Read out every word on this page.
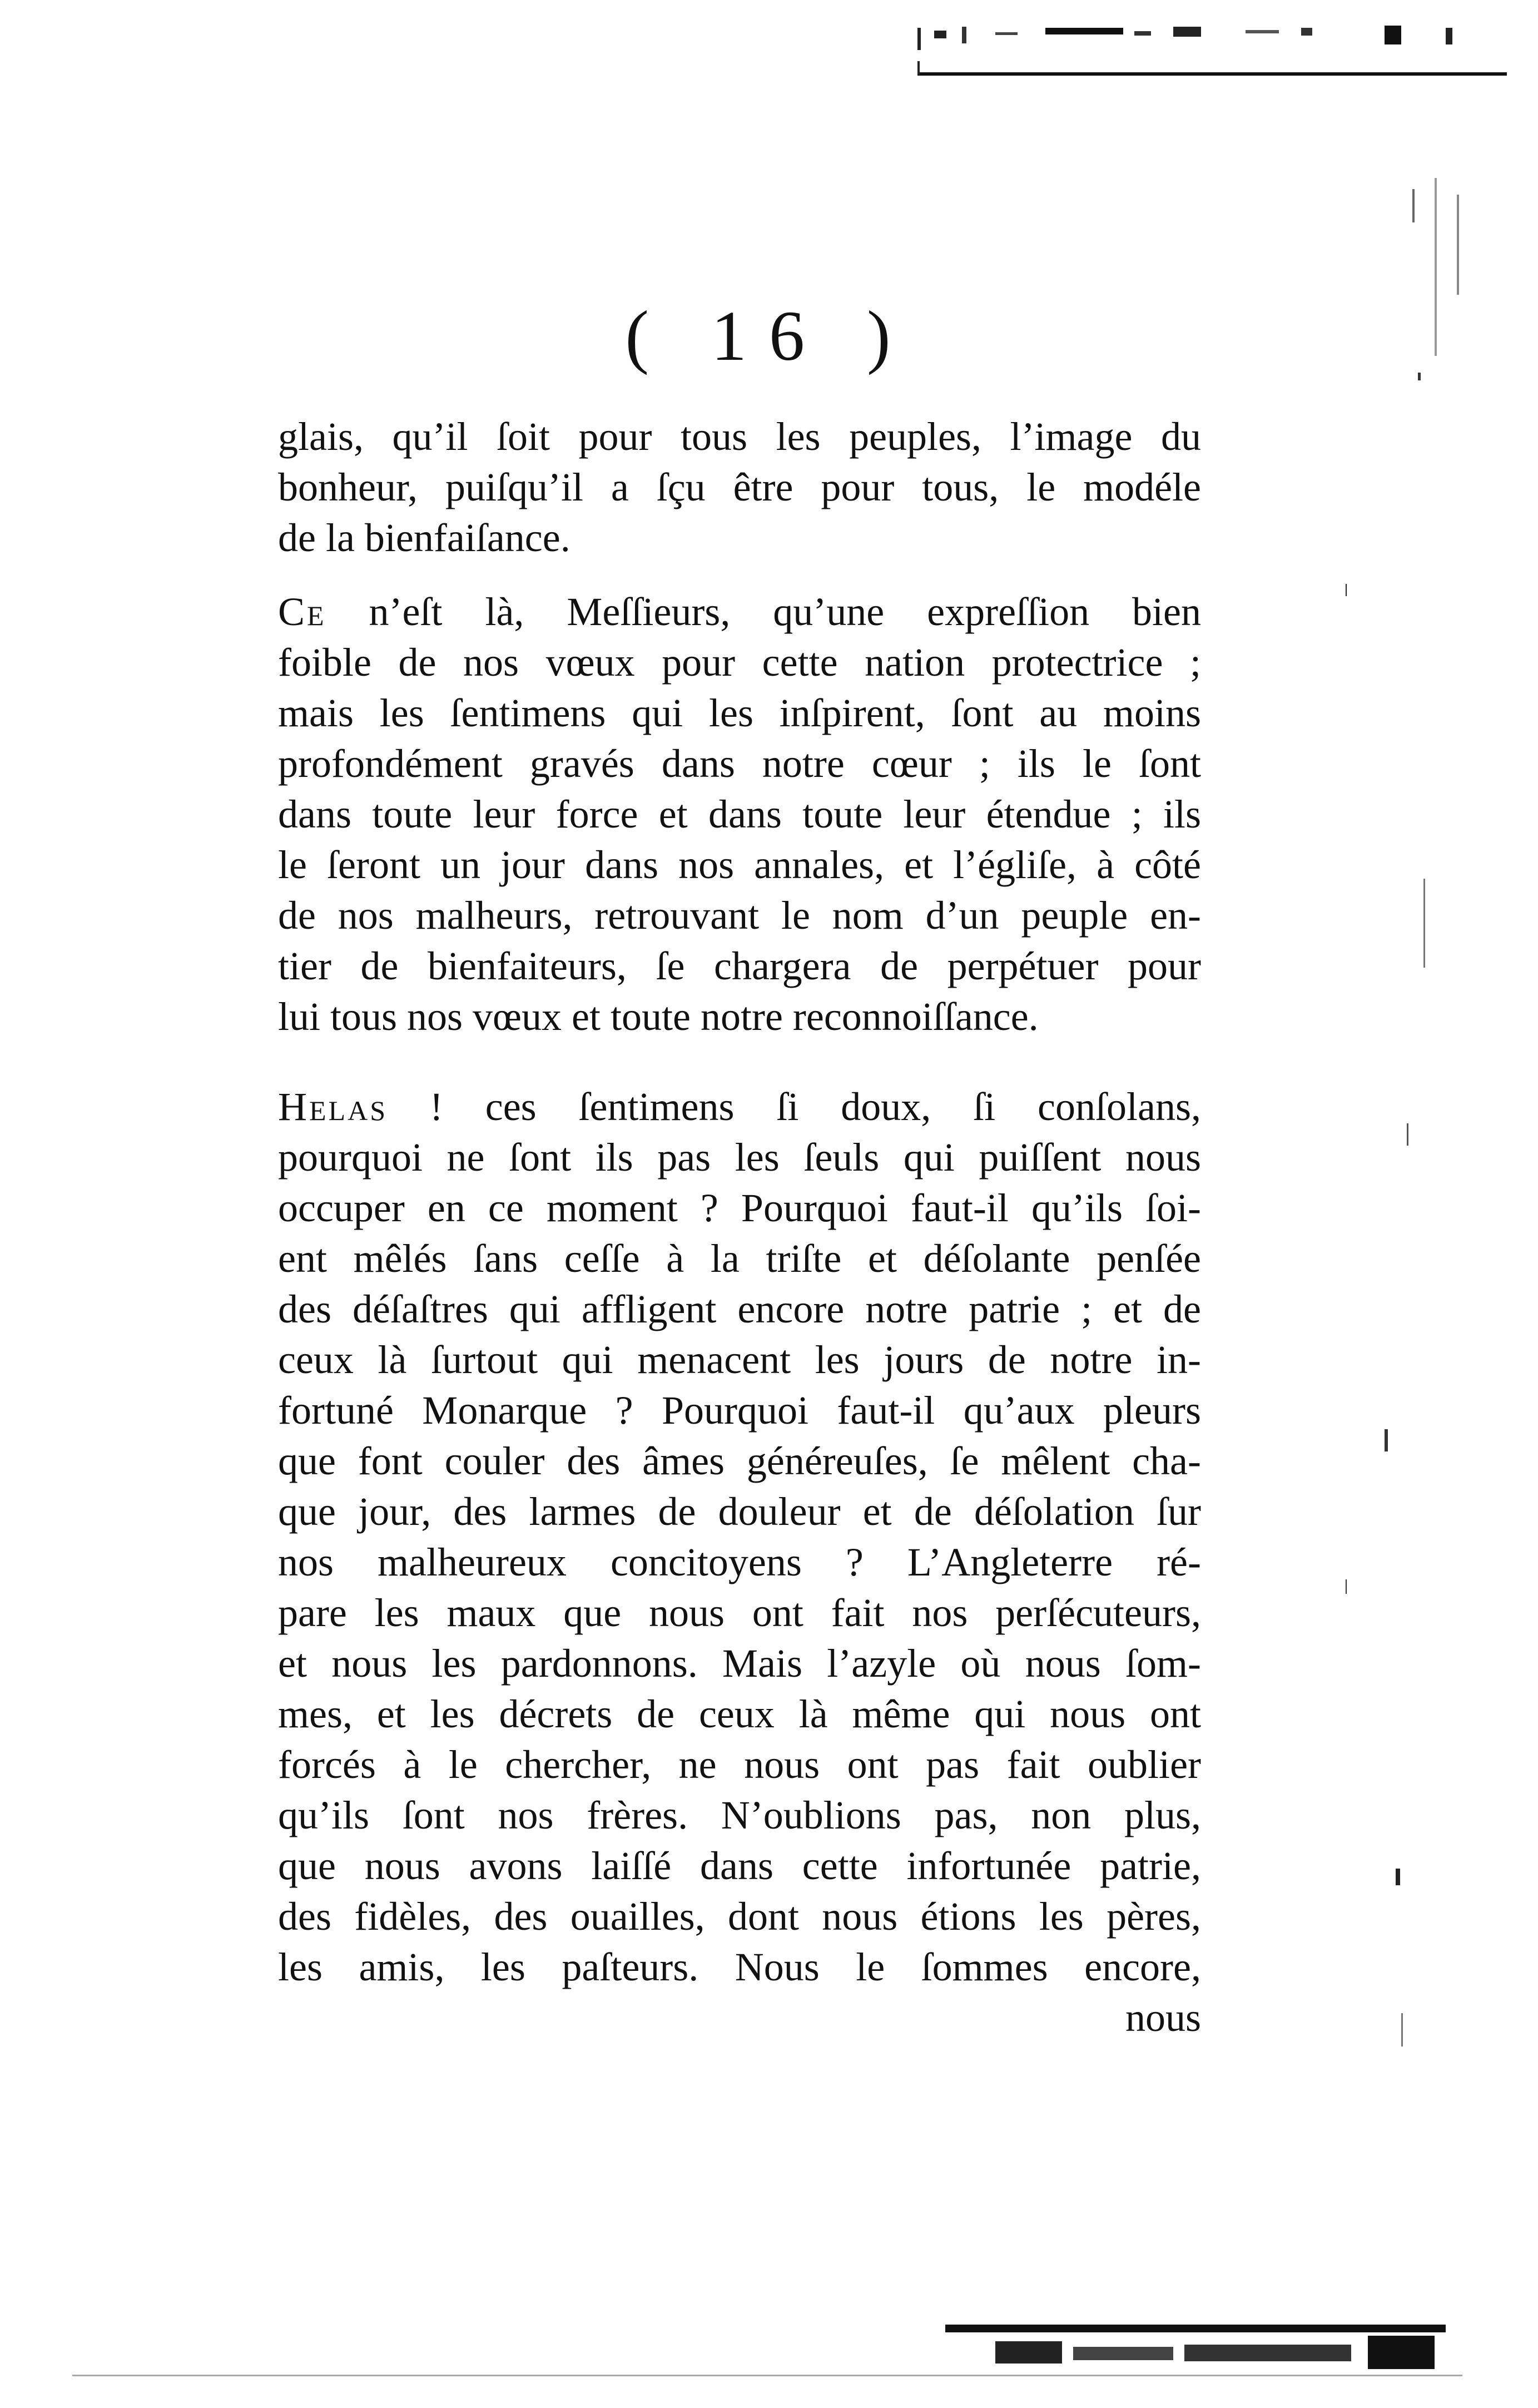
( 16 )
glais, qu’il ſoit pour tous les peuples, l’image du
bonheur, puiſqu’il a ſçu être pour tous, le modéle
de la bienfaiſance.
Ce n’eſt là, Meſſieurs, qu’une expreſſion bien
foible de nos vœux pour cette nation protectrice ;
mais les ſentimens qui les inſpirent, ſont au moins
profondément gravés dans notre cœur ; ils le ſont
dans toute leur force et dans toute leur étendue ; ils
le ſeront un jour dans nos annales, et l’égliſe, à côté
de nos malheurs, retrouvant le nom d’un peuple en-
tier de bienfaiteurs, ſe chargera de perpétuer pour
lui tous nos vœux et toute notre reconnoiſſance.
Helas ! ces ſentimens ſi doux, ſi conſolans,
pourquoi ne ſont ils pas les ſeuls qui puiſſent nous
occuper en ce moment ? Pourquoi faut-il qu’ils ſoi-
ent mêlés ſans ceſſe à la triſte et déſolante penſée
des déſaſtres qui affligent encore notre patrie ; et de
ceux là ſurtout qui menacent les jours de notre in-
fortuné Monarque ? Pourquoi faut-il qu’aux pleurs
que font couler des âmes généreuſes, ſe mêlent cha-
que jour, des larmes de douleur et de déſolation ſur
nos malheureux concitoyens ? L’Angleterre ré-
pare les maux que nous ont fait nos perſécuteurs,
et nous les pardonnons. Mais l’azyle où nous ſom-
mes, et les décrets de ceux là même qui nous ont
forcés à le chercher, ne nous ont pas fait oublier
qu’ils ſont nos frères. N’oublions pas, non plus,
que nous avons laiſſé dans cette infortunée patrie,
des fidèles, des ouailles, dont nous étions les pères,
les amis, les paſteurs. Nous le ſommes encore,
nous
